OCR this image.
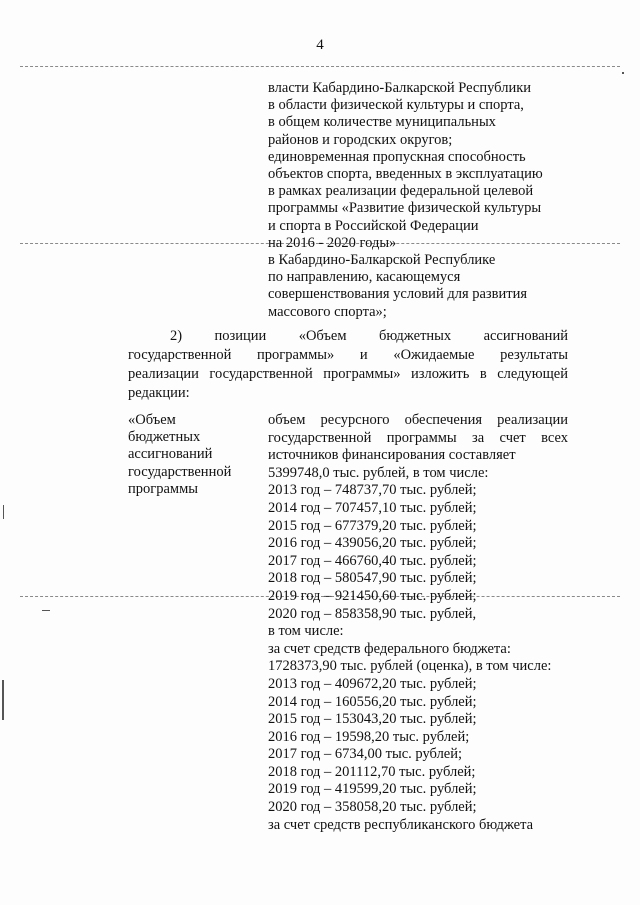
4
власти Кабардино-Балкарской Республики
в области физической культуры и спорта,
в общем количестве муниципальных
районов и городских округов;
единовременная пропускная способность
объектов спорта, введенных в эксплуатацию
в рамках реализации федеральной целевой
программы «Развитие физической культуры
и спорта в Российской Федерации
на 2016 - 2020 годы»
в Кабардино-Балкарской Республике
по направлению, касающемуся
совершенствования условий для развития
массового спорта»;
2) позиции «Объем бюджетных ассигнований
государственной программы» и «Ожидаемые результаты
реализации государственной программы» изложить в следующей
редакции:
«Объем
бюджетных
ассигнований
государственной
программы
объем ресурсного обеспечения реализации
государственной программы за счет всех
источников финансирования составляет
5399748,0 тыс. рублей, в том числе:
2013 год – 748737,70 тыс. рублей;
2014 год – 707457,10 тыс. рублей;
2015 год – 677379,20 тыс. рублей;
2016 год – 439056,20 тыс. рублей;
2017 год – 466760,40 тыс. рублей;
2018 год – 580547,90 тыс. рублей;
2019 год – 921450,60 тыс. рублей;
2020 год – 858358,90 тыс. рублей,
в том числе:
за счет средств федерального бюджета:
1728373,90 тыс. рублей (оценка), в том числе:
2013 год – 409672,20 тыс. рублей;
2014 год – 160556,20 тыс. рублей;
2015 год – 153043,20 тыс. рублей;
2016 год – 19598,20 тыс. рублей;
2017 год – 6734,00 тыс. рублей;
2018 год – 201112,70 тыс. рублей;
2019 год – 419599,20 тыс. рублей;
2020 год – 358058,20 тыс. рублей;
за счет средств республиканского бюджета
